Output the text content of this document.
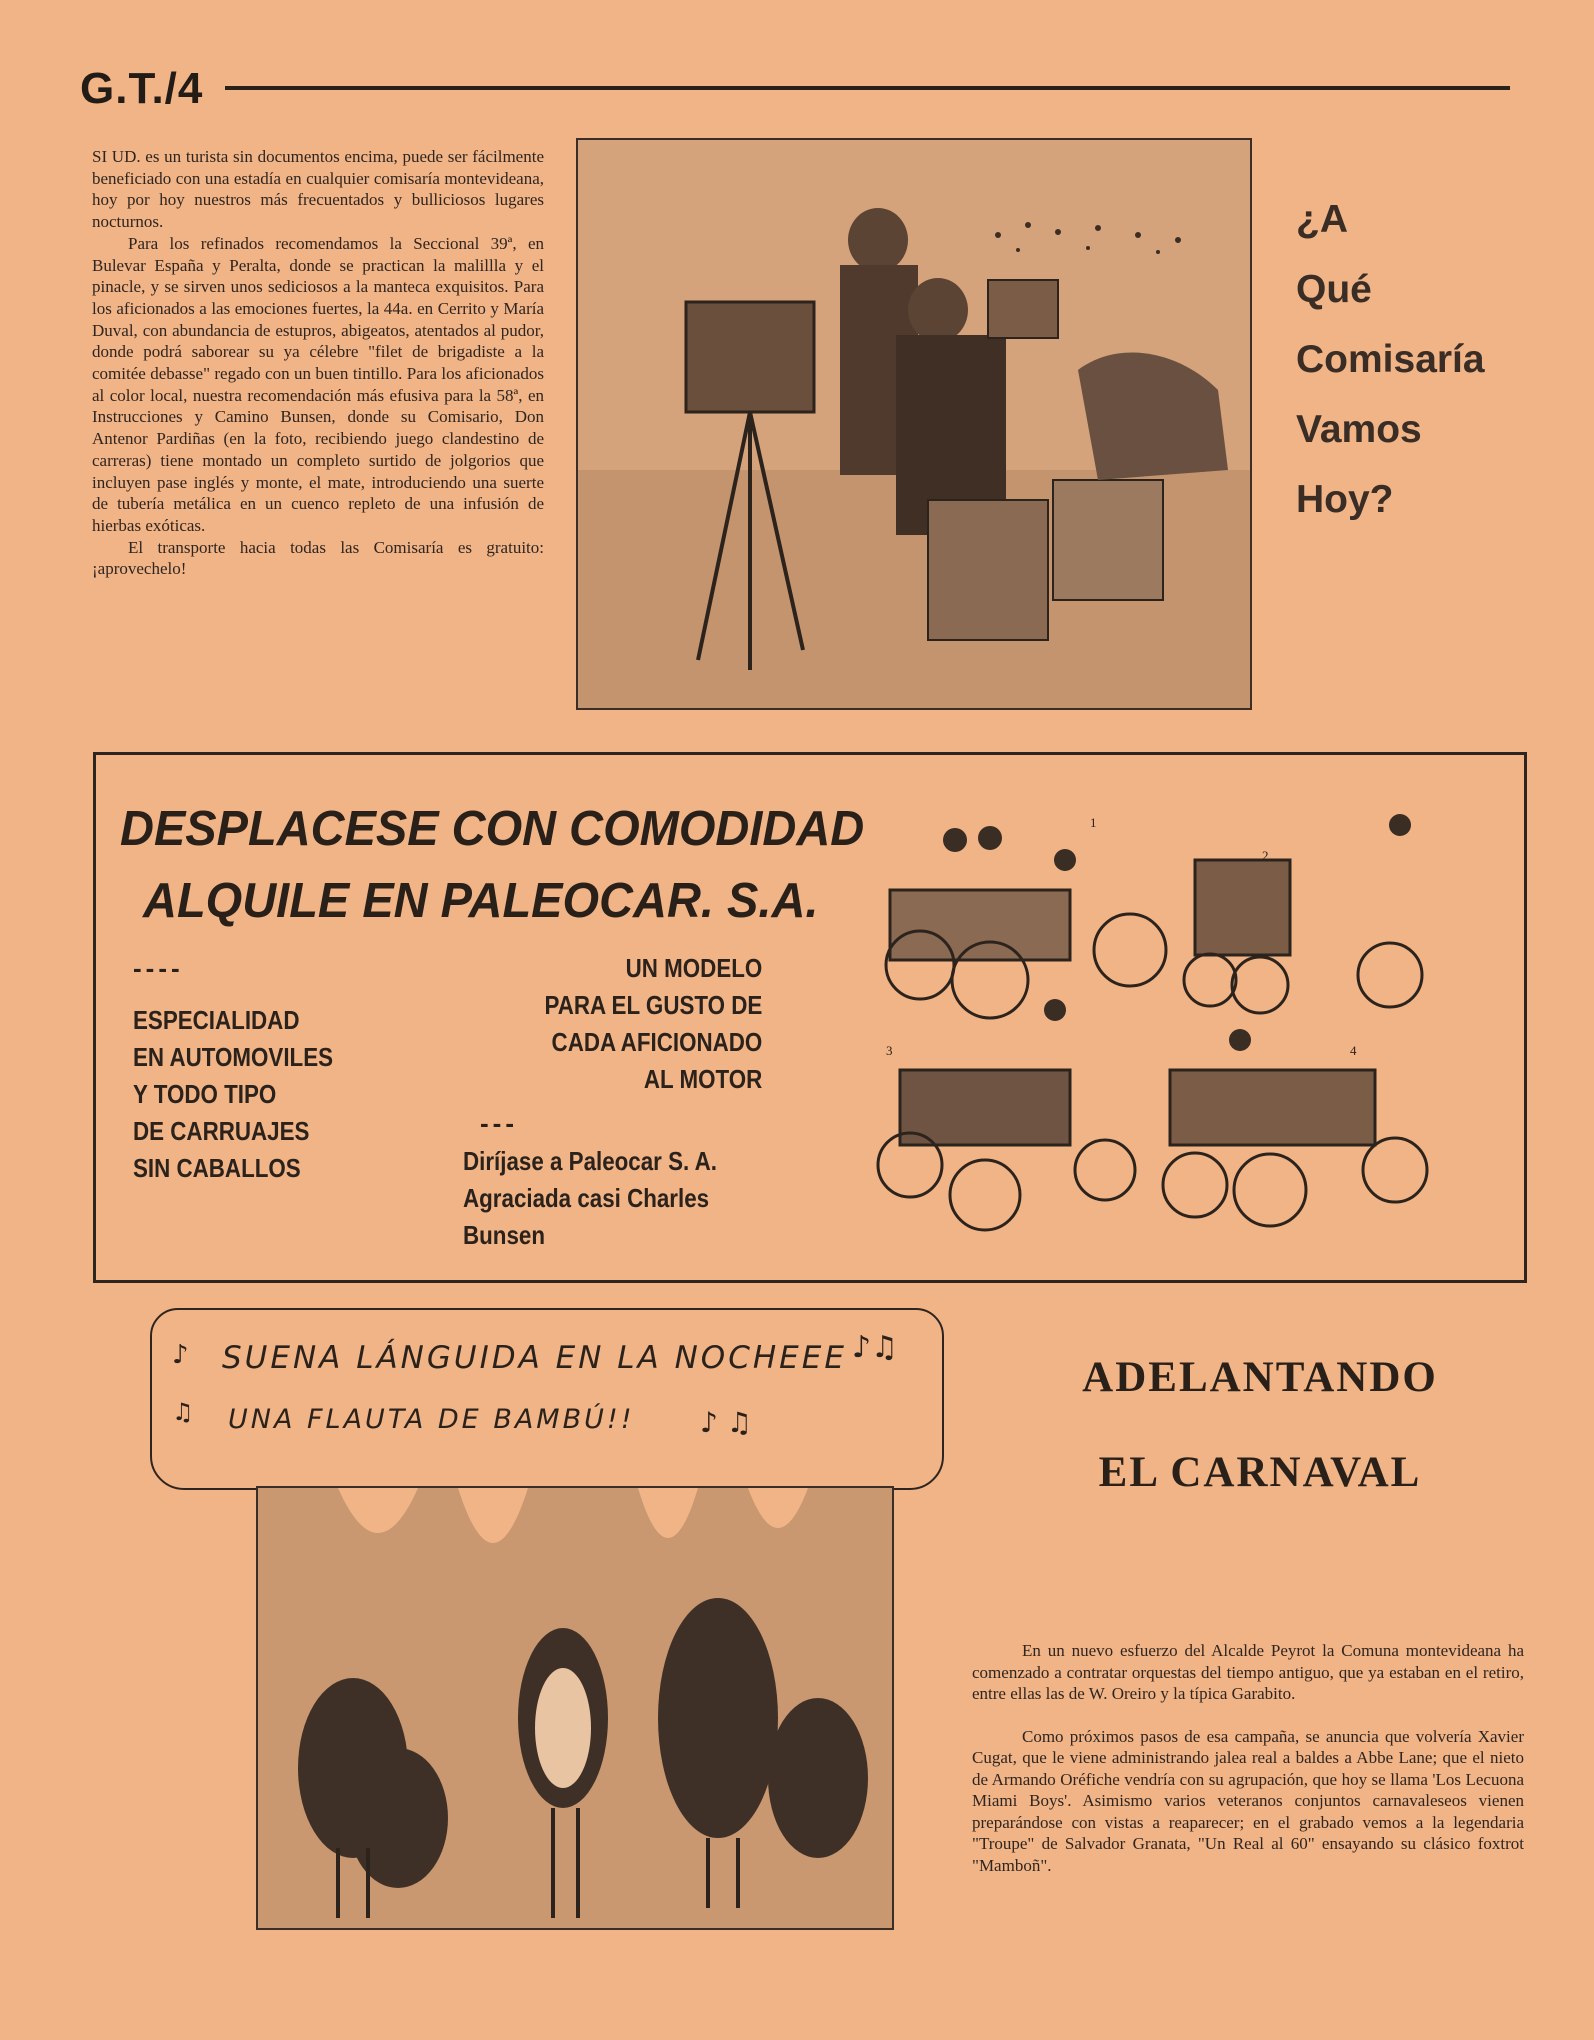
G.T./4

SI UD. es un turista sin documentos encima, puede ser fácilmente beneficiado con una estadía en cualquier comisaría montevideana, hoy por hoy nuestros más frecuentados y bulliciosos lugares nocturnos.

Para los refinados recomendamos la Seccional 39ª, en Bulevar España y Peralta, donde se practican la malillla y el pinacle, y se sirven unos sediciosos a la manteca exquisitos. Para los aficionados a las emociones fuertes, la 44a. en Cerrito y María Duval, con abundancia de estupros, abigeatos, atentados al pudor, donde podrá saborear su ya célebre "filet de brigadiste a la comitée debasse" regado con un buen tintillo. Para los aficionados al color local, nuestra recomendación más efusiva para la 58ª, en Instrucciones y Camino Bunsen, donde su Comisario, Don Antenor Pardiñas (en la foto, recibiendo juego clandestino de carreras) tiene montado un completo surtido de jolgorios que incluyen pase inglés y monte, el mate, introduciendo una suerte de tubería metálica en un cuenco repleto de una infusión de hierbas exóticas.

El transporte hacia todas las Comisaría es gratuito: ¡aprovechelo!

¿A
Qué
Comisaría
Vamos
Hoy?
DESPLACESE CON COMODIDAD
ALQUILE EN PALEOCAR. S.A.
----
ESPECIALIDAD
EN AUTOMOVILES
Y TODO TIPO
DE CARRUAJES
SIN CABALLOS
UN MODELO
PARA EL GUSTO DE
CADA AFICIONADO
AL MOTOR
---
Diríjase a Paleocar S. A.
Agraciada casi Charles
Bunsen
1
2
3	4
♪ SUENA LÁNGUIDA EN LA NOCHEEE ♪♫
♫ UNA FLAUTA DE BAMBÚ!! ♪ ♫
ADELANTANDO
EL CARNAVAL

En un nuevo esfuerzo del Alcalde Peyrot la Comuna montevideana ha comenzado a contratar orquestas del tiempo antiguo, que ya estaban en el retiro, entre ellas las de W. Oreiro y la típica Garabito.

Como próximos pasos de esa campaña, se anuncia que volvería Xavier Cugat, que le viene administrando jalea real a baldes a Abbe Lane; que el nieto de Armando Oréfiche vendría con su agrupación, que hoy se llama 'Los Lecuona Miami Boys'. Asimismo varios veteranos conjuntos carnavaleseos vienen preparándose con vistas a reaparecer; en el grabado vemos a la legendaria "Troupe" de Salvador Granata, "Un Real al 60" ensayando su clásico foxtrot "Mamboñ".
